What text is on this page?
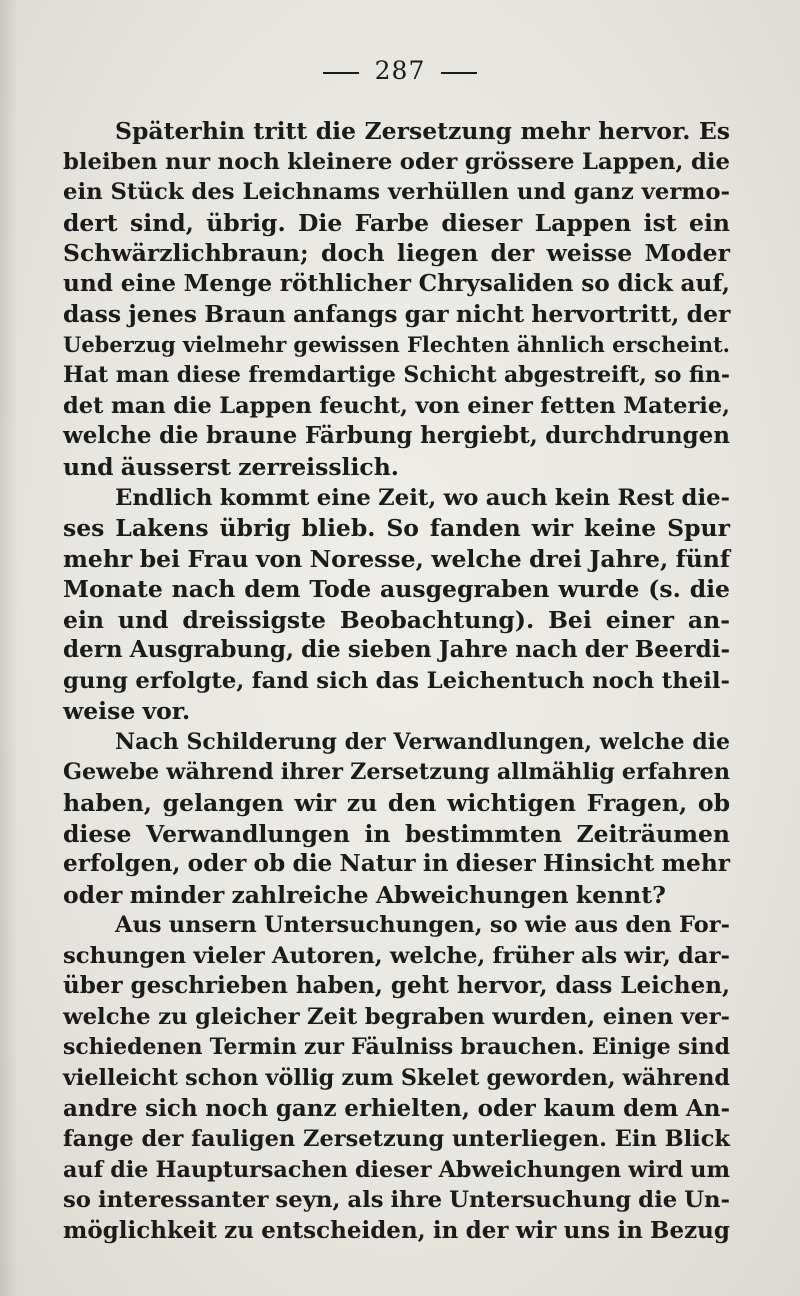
287
Späterhin tritt die Zersetzung mehr hervor. Es
bleiben nur noch kleinere oder grössere Lappen, die
ein Stück des Leichnams verhüllen und ganz vermo-
dert sind, übrig. Die Farbe dieser Lappen ist ein
Schwärzlichbraun; doch liegen der weisse Moder
und eine Menge röthlicher Chrysaliden so dick auf,
dass jenes Braun anfangs gar nicht hervortritt, der
Ueberzug vielmehr gewissen Flechten ähnlich erscheint.
Hat man diese fremdartige Schicht abgestreift, so fin-
det man die Lappen feucht, von einer fetten Materie,
welche die braune Färbung hergiebt, durchdrungen
und äusserst zerreisslich.
Endlich kommt eine Zeit, wo auch kein Rest die-
ses Lakens übrig blieb. So fanden wir keine Spur
mehr bei Frau von Noresse, welche drei Jahre, fünf
Monate nach dem Tode ausgegraben wurde (s. die
ein und dreissigste Beobachtung). Bei einer an-
dern Ausgrabung, die sieben Jahre nach der Beerdi-
gung erfolgte, fand sich das Leichentuch noch theil-
weise vor.
Nach Schilderung der Verwandlungen, welche die
Gewebe während ihrer Zersetzung allmählig erfahren
haben, gelangen wir zu den wichtigen Fragen, ob
diese Verwandlungen in bestimmten Zeiträumen
erfolgen, oder ob die Natur in dieser Hinsicht mehr
oder minder zahlreiche Abweichungen kennt?
Aus unsern Untersuchungen, so wie aus den For-
schungen vieler Autoren, welche, früher als wir, dar-
über geschrieben haben, geht hervor, dass Leichen,
welche zu gleicher Zeit begraben wurden, einen ver-
schiedenen Termin zur Fäulniss brauchen. Einige sind
vielleicht schon völlig zum Skelet geworden, während
andre sich noch ganz erhielten, oder kaum dem An-
fange der fauligen Zersetzung unterliegen. Ein Blick
auf die Hauptursachen dieser Abweichungen wird um
so interessanter seyn, als ihre Untersuchung die Un-
möglichkeit zu entscheiden, in der wir uns in Bezug
